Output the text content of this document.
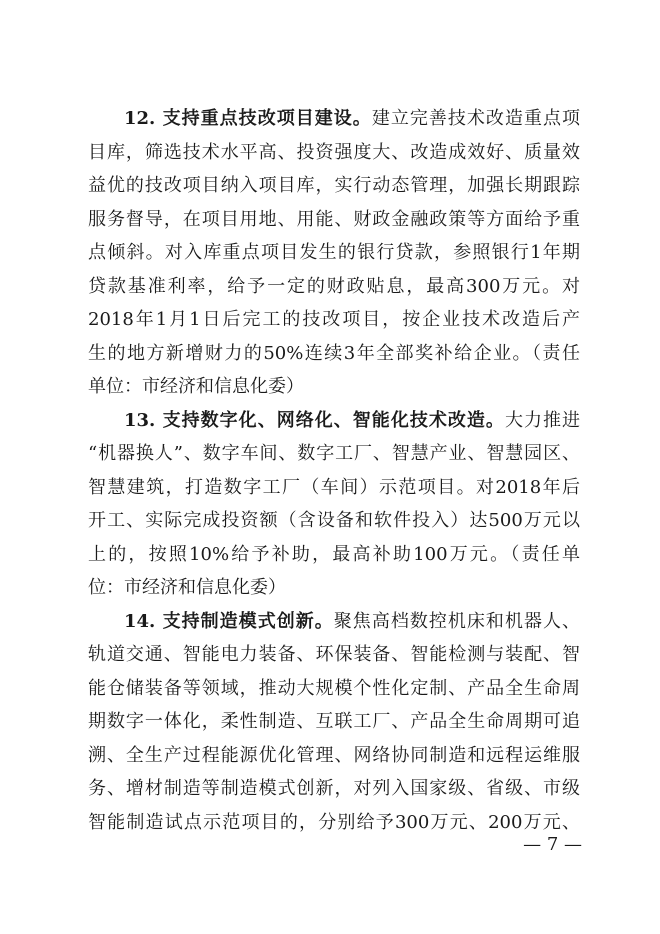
12. 支持重点技改项目建设。建立完善技术改造重点项
目库，筛选技术水平高、投资强度大、改造成效好、质量效
益优的技改项目纳入项目库，实行动态管理，加强长期跟踪
服务督导，在项目用地、用能、财政金融政策等方面给予重
点倾斜。对入库重点项目发生的银行贷款，参照银行1年期
贷款基准利率，给予一定的财政贴息，最高300万元。对
2018年1月1日后完工的技改项目，按企业技术改造后产
生的地方新增财力的50%连续3年全部奖补给企业。（责任
单位：市经济和信息化委）
13. 支持数字化、网络化、智能化技术改造。大力推进
“机器换人”、数字车间、数字工厂、智慧产业、智慧园区、
智慧建筑，打造数字工厂（车间）示范项目。对2018年后
开工、实际完成投资额（含设备和软件投入）达500万元以
上的，按照10%给予补助，最高补助100万元。（责任单
位：市经济和信息化委）
14. 支持制造模式创新。聚焦高档数控机床和机器人、
轨道交通、智能电力装备、环保装备、智能检测与装配、智
能仓储装备等领域，推动大规模个性化定制、产品全生命周
期数字一体化，柔性制造、互联工厂、产品全生命周期可追
溯、全生产过程能源优化管理、网络协同制造和远程运维服
务、增材制造等制造模式创新，对列入国家级、省级、市级
智能制造试点示范项目的，分别给予300万元、200万元、
— 7 —
